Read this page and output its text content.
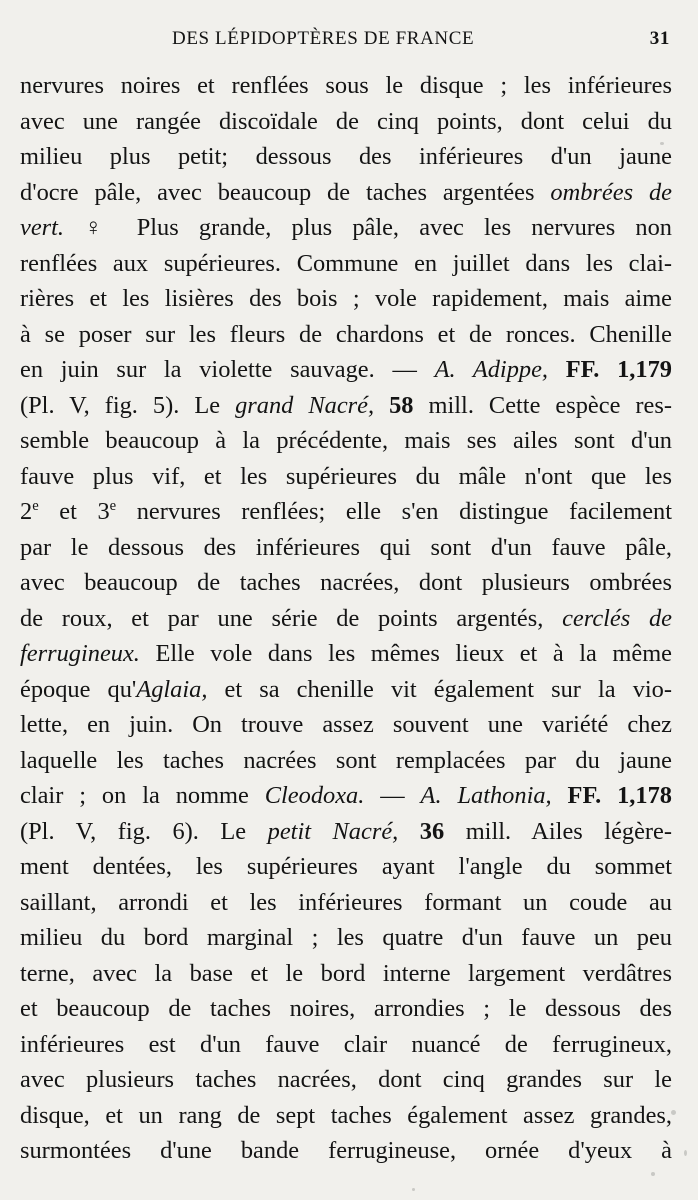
DES LÉPIDOPTÈRES DE FRANCE	31
nervures noires et renflées sous le disque ; les inférieures
avec une rangée discoïdale de cinq points, dont celui du
milieu plus petit; dessous des inférieures d'un jaune
d'ocre pâle, avec beaucoup de taches argentées ombrées de
vert. ♀ Plus grande, plus pâle, avec les nervures non
renflées aux supérieures. Commune en juillet dans les clai-
rières et les lisières des bois ; vole rapidement, mais aime
à se poser sur les fleurs de chardons et de ronces. Chenille
en juin sur la violette sauvage. — A. Adippe, FF. 1,179
(Pl. V, fig. 5). Le grand Nacré, 58 mill. Cette espèce res-
semble beaucoup à la précédente, mais ses ailes sont d'un
fauve plus vif, et les supérieures du mâle n'ont que les
2e et 3e nervures renflées; elle s'en distingue facilement
par le dessous des inférieures qui sont d'un fauve pâle,
avec beaucoup de taches nacrées, dont plusieurs ombrées
de roux, et par une série de points argentés, cerclés de
ferrugineux. Elle vole dans les mêmes lieux et à la même
époque qu'Aglaia, et sa chenille vit également sur la vio-
lette, en juin. On trouve assez souvent une variété chez
laquelle les taches nacrées sont remplacées par du jaune
clair ; on la nomme Cleodoxa. — A. Lathonia, FF. 1,178
(Pl. V, fig. 6). Le petit Nacré, 36 mill. Ailes légère-
ment dentées, les supérieures ayant l'angle du sommet
saillant, arrondi et les inférieures formant un coude au
milieu du bord marginal ; les quatre d'un fauve un peu
terne, avec la base et le bord interne largement verdâtres
et beaucoup de taches noires, arrondies ; le dessous des
inférieures est d'un fauve clair nuancé de ferrugineux,
avec plusieurs taches nacrées, dont cinq grandes sur le
disque, et un rang de sept taches également assez grandes,
surmontées d'une bande ferrugineuse, ornée d'yeux à
